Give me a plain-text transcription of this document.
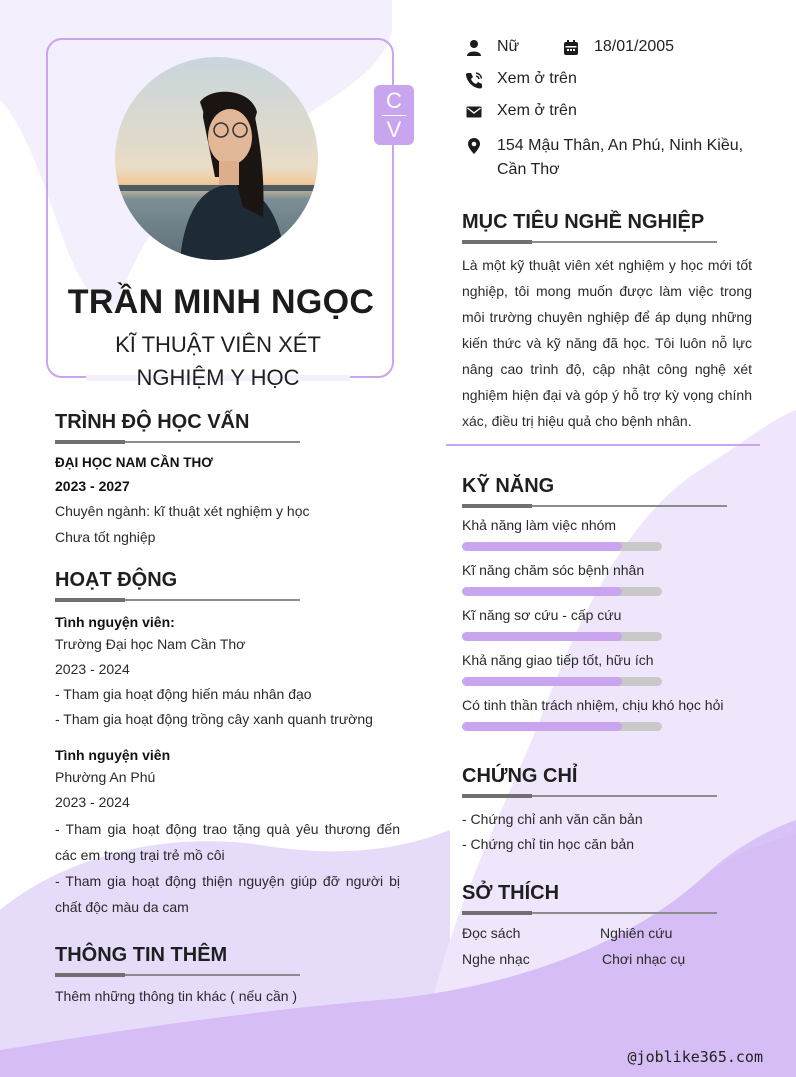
C
V
TRẦN MINH NGỌC
KĨ THUẬT VIÊN XÉT
NGHIỆM Y HỌC
Nữ	18/01/2005
Xem ở trên
Xem ở trên
154 Mậu Thân, An Phú, Ninh Kiều,
Cần Thơ
MỤC TIÊU NGHỀ NGHIỆP

Là một kỹ thuật viên xét nghiệm y học mới tốt nghiệp, tôi mong muốn được làm việc trong môi trường chuyên nghiệp để áp dụng những kiến thức và kỹ năng đã học. Tôi luôn nỗ lực nâng cao trình độ, cập nhật công nghệ xét nghiệm hiện đại và góp ý hỗ trợ kỳ vọng chính xác, điều trị hiệu quả cho bệnh nhân.

TRÌNH ĐỘ HỌC VẤN
ĐẠI HỌC NAM CẦN THƠ
2023 - 2027
Chuyên ngành: kĩ thuật xét nghiệm y học
Chưa tốt nghiệp
HOẠT ĐỘNG
Tình nguyện viên:
Trường Đại học Nam Cần Thơ
2023 - 2024
- Tham gia hoạt động hiến máu nhân đạo
- Tham gia hoạt động trồng cây xanh quanh trường
Tình nguyện viên
Phường An Phú
2023 - 2024
- Tham gia hoạt động trao tặng quà yêu thương đến các em trong trại trẻ mồ côi
- Tham gia hoạt động thiện nguyện giúp đỡ người bị chất độc màu da cam
THÔNG TIN THÊM
Thêm những thông tin khác ( nếu cần )
KỸ NĂNG
Khả năng làm việc nhóm
Kĩ năng chăm sóc bệnh nhân
Kĩ năng sơ cứu - cấp cứu
Khả năng giao tiếp tốt, hữu ích
Có tinh thần trách nhiệm, chịu khó học hỏi
CHỨNG CHỈ
- Chứng chỉ anh văn căn bản
- Chứng chỉ tin học căn bản
SỞ THÍCH
Đọc sách	Nghiên cứu
Nghe nhạc	Chơi nhạc cụ
@joblike365.com
